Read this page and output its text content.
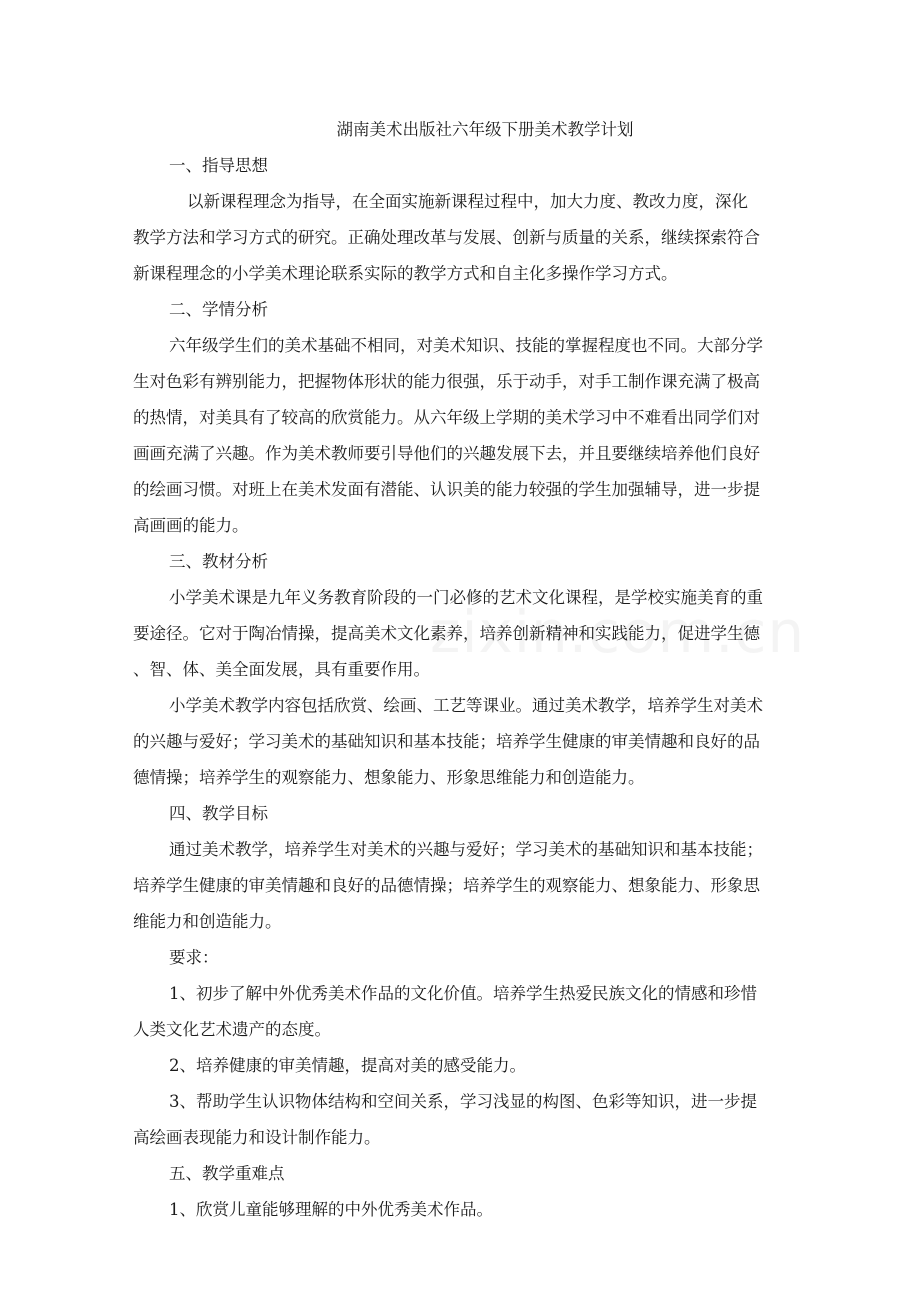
湖南美术出版社六年级下册美术教学计划

一、指导思想

以新课程理念为指导，在全面实施新课程过程中，加大力度、教改力度，深化

教学方法和学习方式的研究。正确处理改革与发展、创新与质量的关系，继续探索符合

新课程理念的小学美术理论联系实际的教学方式和自主化多操作学习方式。

二、学情分析

六年级学生们的美术基础不相同，对美术知识、技能的掌握程度也不同。大部分学

生对色彩有辨别能力，把握物体形状的能力很强，乐于动手，对手工制作课充满了极高

的热情，对美具有了较高的欣赏能力。从六年级上学期的美术学习中不难看出同学们对

画画充满了兴趣。作为美术教师要引导他们的兴趣发展下去，并且要继续培养他们良好

的绘画习惯。对班上在美术发面有潜能、认识美的能力较强的学生加强辅导，进一步提

高画画的能力。

三、教材分析

小学美术课是九年义务教育阶段的一门必修的艺术文化课程，是学校实施美育的重

要途径。它对于陶冶情操，提高美术文化素养，培养创新精神和实践能力，促进学生德

、智、体、美全面发展，具有重要作用。

小学美术教学内容包括欣赏、绘画、工艺等课业。通过美术教学，培养学生对美术

的兴趣与爱好；学习美术的基础知识和基本技能；培养学生健康的审美情趣和良好的品

德情操；培养学生的观察能力、想象能力、形象思维能力和创造能力。

四、教学目标

通过美术教学，培养学生对美术的兴趣与爱好；学习美术的基础知识和基本技能；

培养学生健康的审美情趣和良好的品德情操；培养学生的观察能力、想象能力、形象思

维能力和创造能力。

要求：

1、初步了解中外优秀美术作品的文化价值。培养学生热爱民族文化的情感和珍惜

人类文化艺术遗产的态度。

2、培养健康的审美情趣，提高对美的感受能力。

3、帮助学生认识物体结构和空间关系，学习浅显的构图、色彩等知识，进一步提

高绘画表现能力和设计制作能力。

五、教学重难点

1、欣赏儿童能够理解的中外优秀美术作品。
